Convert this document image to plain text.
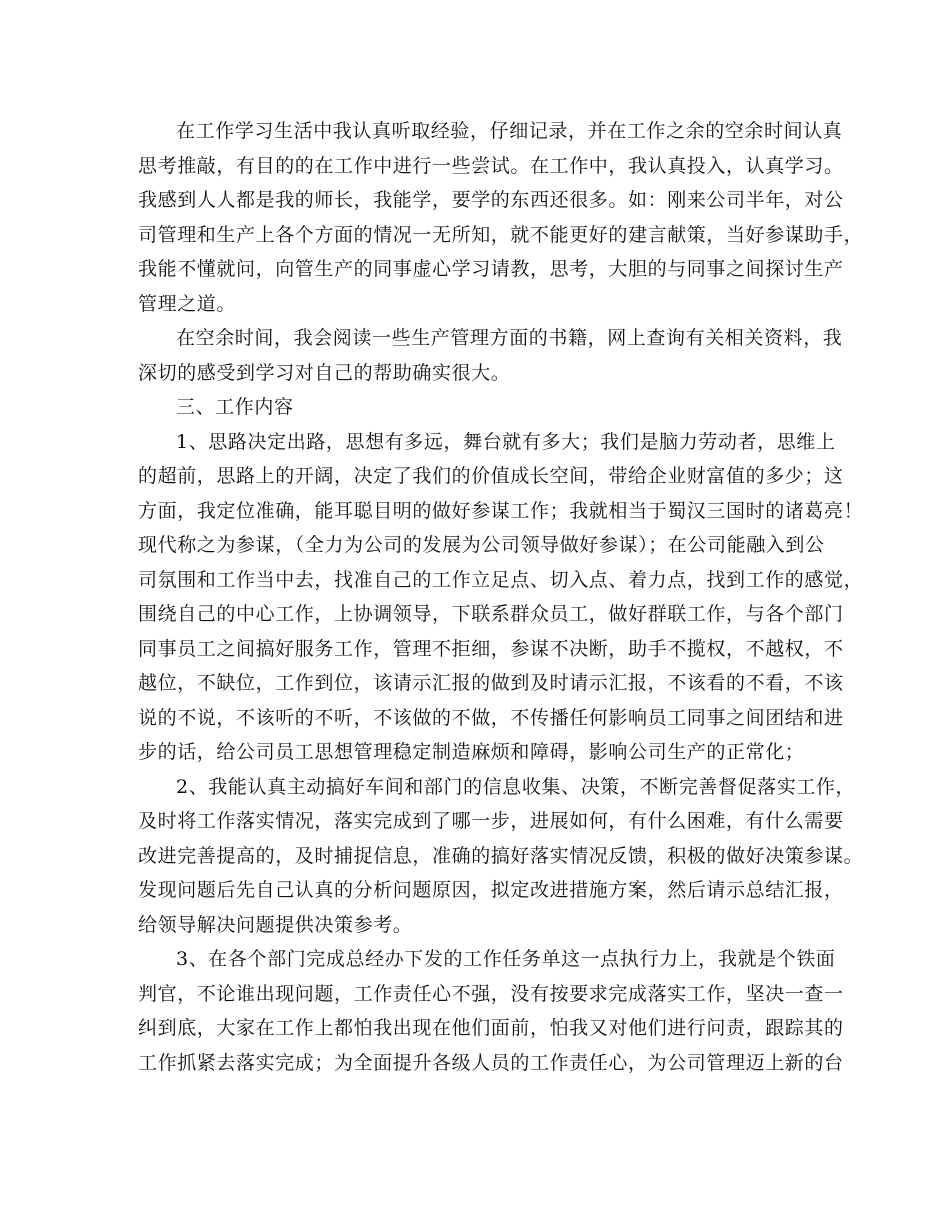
在工作学习生活中我认真听取经验，仔细记录，并在工作之余的空余时间认真
思考推敲，有目的的在工作中进行一些尝试。在工作中，我认真投入，认真学习。
我感到人人都是我的师长，我能学，要学的东西还很多。如：刚来公司半年，对公
司管理和生产上各个方面的情况一无所知，就不能更好的建言献策，当好参谋助手，
我能不懂就问，向管生产的同事虚心学习请教，思考，大胆的与同事之间探讨生产
管理之道。
在空余时间，我会阅读一些生产管理方面的书籍，网上查询有关相关资料，我
深切的感受到学习对自己的帮助确实很大。
三、工作内容
1、思路决定出路，思想有多远，舞台就有多大；我们是脑力劳动者，思维上
的超前，思路上的开阔，决定了我们的价值成长空间，带给企业财富值的多少；这
方面，我定位准确，能耳聪目明的做好参谋工作；我就相当于蜀汉三国时的诸葛亮！
现代称之为参谋，（全力为公司的发展为公司领导做好参谋）；在公司能融入到公
司氛围和工作当中去，找准自己的工作立足点、切入点、着力点，找到工作的感觉，
围绕自己的中心工作，上协调领导，下联系群众员工，做好群联工作，与各个部门
同事员工之间搞好服务工作，管理不拒细，参谋不决断，助手不揽权，不越权，不
越位，不缺位，工作到位，该请示汇报的做到及时请示汇报，不该看的不看，不该
说的不说，不该听的不听，不该做的不做，不传播任何影响员工同事之间团结和进
步的话，给公司员工思想管理稳定制造麻烦和障碍，影响公司生产的正常化；
2、我能认真主动搞好车间和部门的信息收集、决策，不断完善督促落实工作，
及时将工作落实情况，落实完成到了哪一步，进展如何，有什么困难，有什么需要
改进完善提高的，及时捕捉信息，准确的搞好落实情况反馈，积极的做好决策参谋。
发现问题后先自己认真的分析问题原因，拟定改进措施方案，然后请示总结汇报，
给领导解决问题提供决策参考。
3、在各个部门完成总经办下发的工作任务单这一点执行力上，我就是个铁面
判官，不论谁出现问题，工作责任心不强，没有按要求完成落实工作，坚决一查一
纠到底，大家在工作上都怕我出现在他们面前，怕我又对他们进行问责，跟踪其的
工作抓紧去落实完成；为全面提升各级人员的工作责任心，为公司管理迈上新的台
